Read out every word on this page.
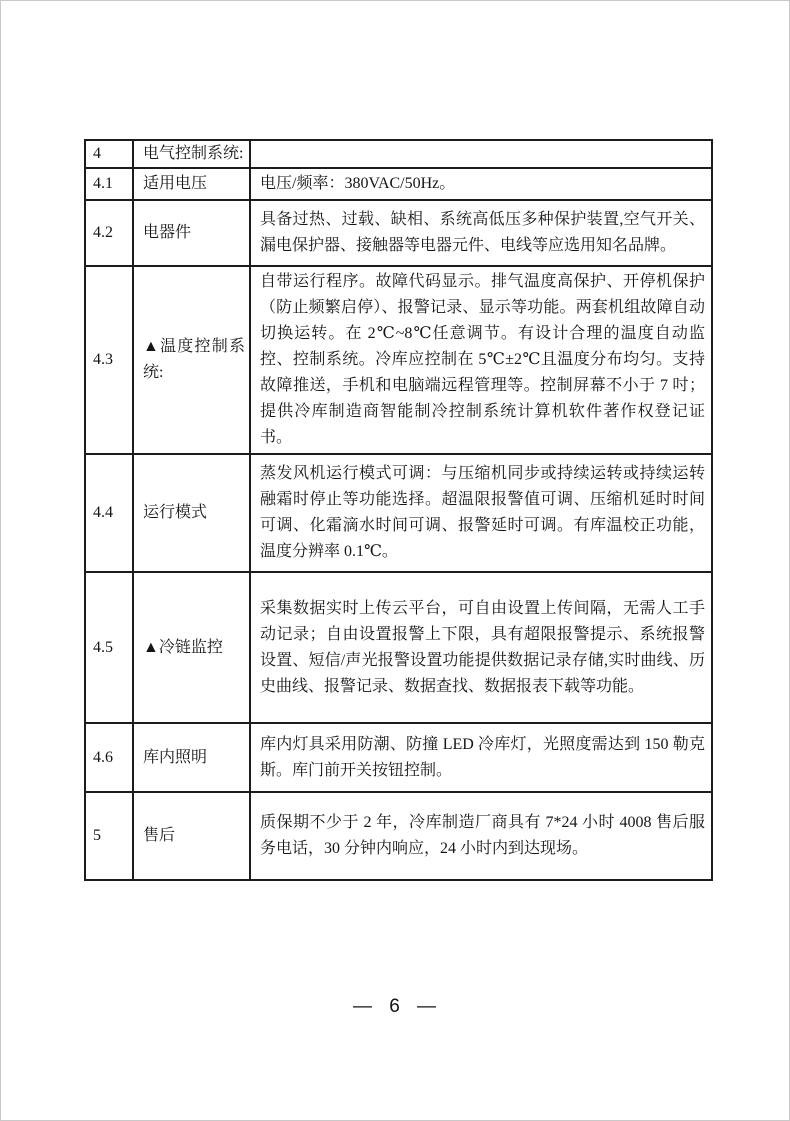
4	电气控制系统:	
4.1	适用电压	电压/频率：380VAC/50Hz。
4.2	电器件	具备过热、过载、缺相、系统高低压多种保护装置,空气开关、漏电保护器、接触器等电器元件、电线等应选用知名品牌。
4.3	▲温度控制系统:	自带运行程序。故障代码显示。排气温度高保护、开停机保护（防止频繁启停）、报警记录、显示等功能。两套机组故障自动切换运转。在 2℃~8℃任意调节。有设计合理的温度自动监控、控制系统。冷库应控制在 5℃±2℃且温度分布均匀。支持故障推送，手机和电脑端远程管理等。控制屏幕不小于 7 吋；提供冷库制造商智能制冷控制系统计算机软件著作权登记证书。
4.4	运行模式	蒸发风机运行模式可调：与压缩机同步或持续运转或持续运转融霜时停止等功能选择。超温限报警值可调、压缩机延时时间可调、化霜滴水时间可调、报警延时可调。有库温校正功能，温度分辨率 0.1℃。
4.5	▲冷链监控	采集数据实时上传云平台，可自由设置上传间隔，无需人工手动记录；自由设置报警上下限，具有超限报警提示、系统报警设置、短信/声光报警设置功能提供数据记录存储,实时曲线、历史曲线、报警记录、数据查找、数据报表下载等功能。
4.6	库内照明	库内灯具采用防潮、防撞 LED 冷库灯，光照度需达到 150 勒克斯。库门前开关按钮控制。
5	售后	质保期不少于 2 年，冷库制造厂商具有 7*24 小时 4008 售后服务电话，30 分钟内响应，24 小时内到达现场。
— 6 —
